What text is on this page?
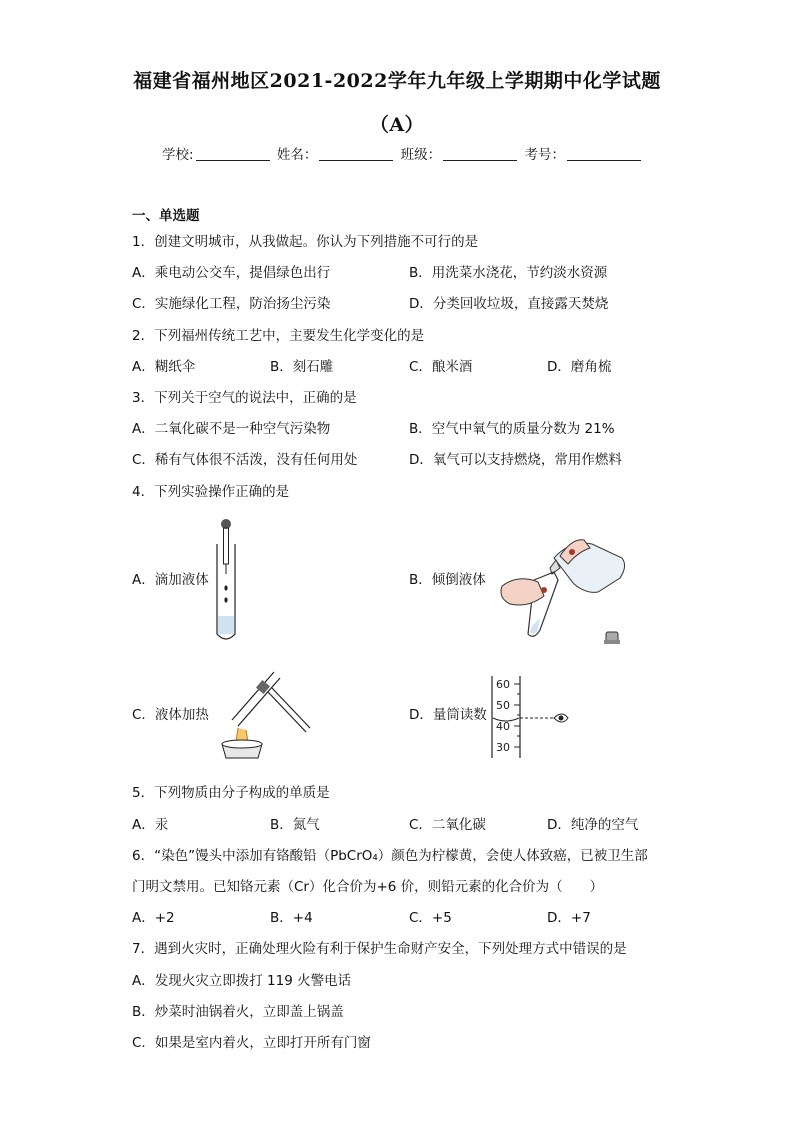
福建省福州地区2021-2022学年九年级上学期期中化学试题
（A）
学校:	姓名：	班级：	考号：
一、单选题
1．创建文明城市，从我做起。你认为下列措施不可行的是
A．乘电动公交车，提倡绿色出行	B．用洗菜水浇花，节约淡水资源
C．实施绿化工程，防治扬尘污染	D．分类回收垃圾，直接露天焚烧
2．下列福州传统工艺中，主要发生化学变化的是
A．糊纸伞	B．刻石雕	C．酿米酒	D．磨角梳
3．下列关于空气的说法中，正确的是
A．二氧化碳不是一种空气污染物	B．空气中氧气的质量分数为 21%
C．稀有气体很不活泼，没有任何用处	D．氧气可以支持燃烧，常用作燃料
4．下列实验操作正确的是
A．滴加液体	B．倾倒液体
C．液体加热	D．量筒读数
60
50
40
30
5．下列物质由分子构成的单质是
A．汞	B．氮气	C．二氧化碳	D．纯净的空气
6．“染色”馒头中添加有铬酸铅（PbCrO₄）颜色为柠檬黄，会使人体致癌，已被卫生部
门明文禁用。已知铬元素（Cr）化合价为+6 价，则铅元素的化合价为（　　）
A．+2	B．+4	C．+5	D．+7
7．遇到火灾时，正确处理火险有利于保护生命财产安全，下列处理方式中错误的是
A．发现火灾立即拨打 119 火警电话
B．炒菜时油锅着火，立即盖上锅盖
C．如果是室内着火，立即打开所有门窗
